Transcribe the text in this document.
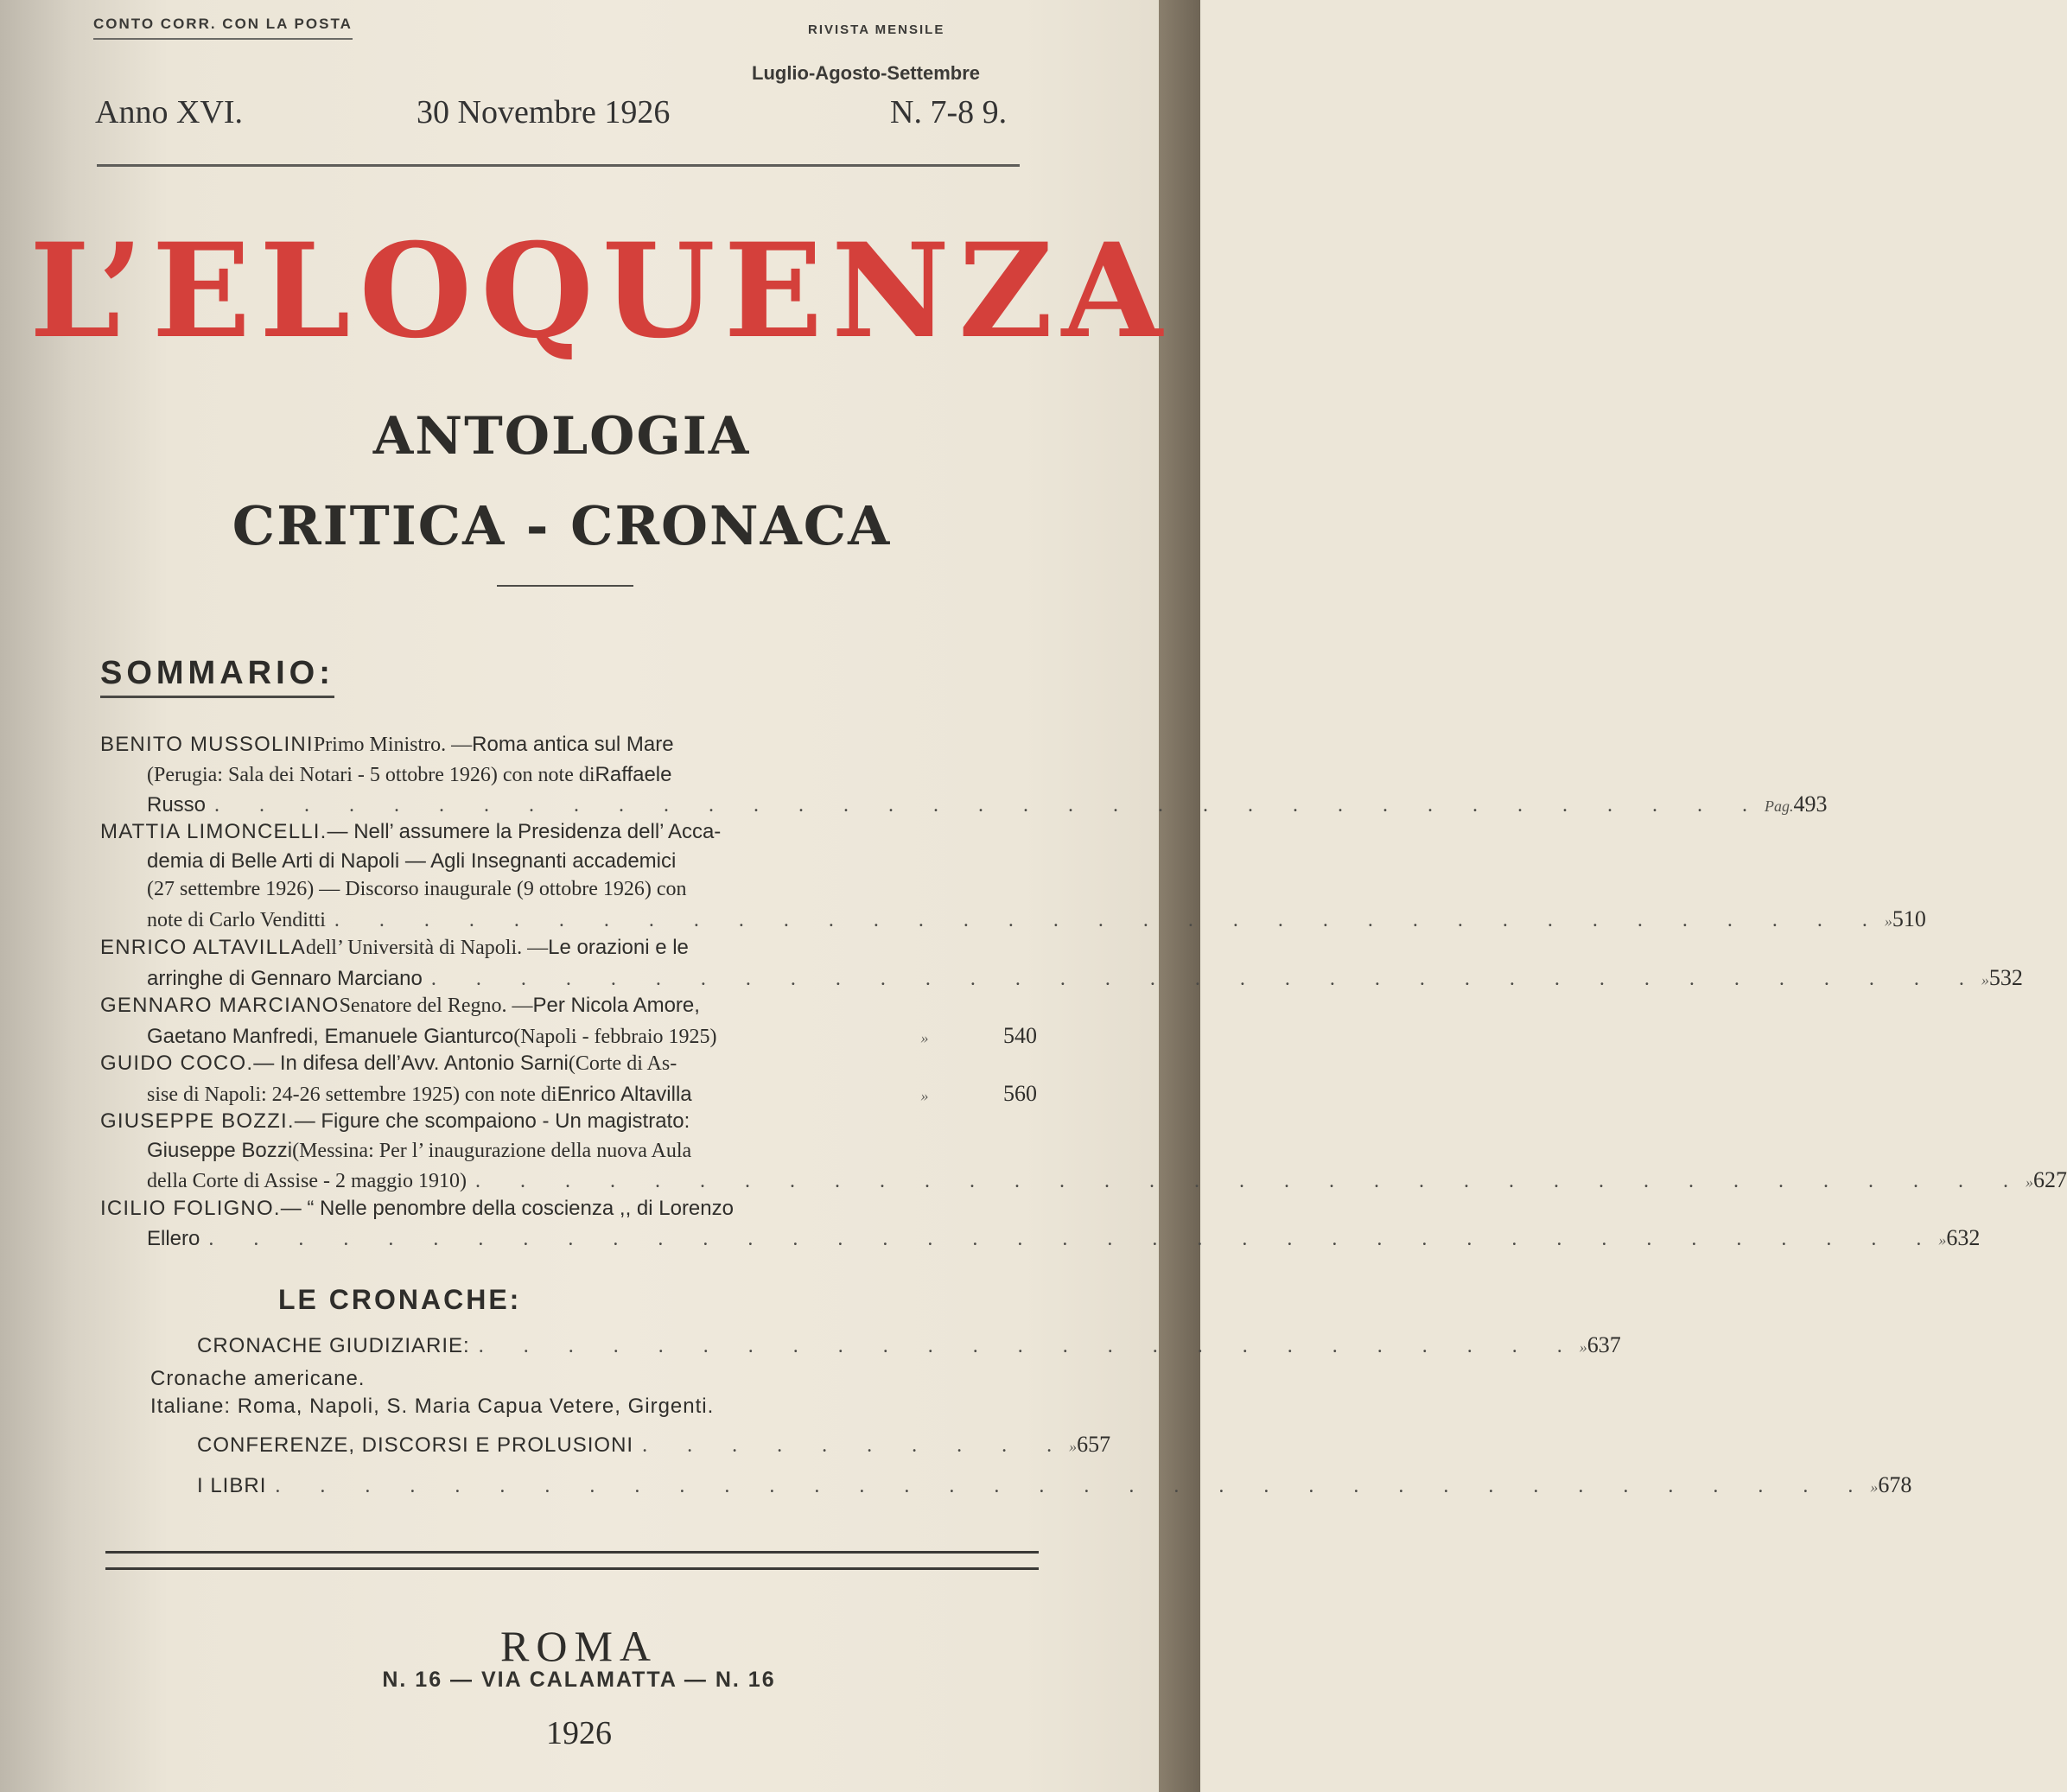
CONTO CORR. CON LA POSTA	RIVISTA MENSILE
Luglio-Agosto-Settembre
Anno XVI.	30 Novembre 1926	N. 7-8 9.
L’ELOQUENZA
ANTOLOGIA
CRITICA - CRONACA
SOMMARIO:
BENITO MUSSOLINI Primo Ministro. — Roma antica sul Mare
(Perugia: Sala dei Notari - 5 ottobre 1926) con note di Raffaele
Russo . . . . . . . . . . . . . . . . . . . . . . . . . . . . . . . . . . . Pag. 493
MATTIA LIMONCELLI. — Nell’ assumere la Presidenza dell’ Acca-
demia di Belle Arti di Napoli — Agli Insegnanti accademici
(27 settembre 1926) — Discorso inaugurale (9 ottobre 1926) con
note di Carlo Venditti . . . . . . . . . . . . . . . . . . . . . . . . . . . . . . . . . . . » 510
ENRICO ALTAVILLA dell’ Università di Napoli. — Le orazioni e le
arringhe di Gennaro Marciano . . . . . . . . . . . . . . . . . . . . . . . . . . . . . . . . . . . » 532
GENNARO MARCIANO Senatore del Regno. — Per Nicola Amore,
Gaetano Manfredi, Emanuele Gianturco (Napoli - febbraio 1925)	»	540
GUIDO COCO. — In difesa dell’Avv. Antonio Sarni (Corte di As-
sise di Napoli: 24-26 settembre 1925) con note di Enrico Altavilla	»	560
GIUSEPPE BOZZI. — Figure che scompaiono - Un magistrato:
Giuseppe Bozzi (Messina: Per l’ inaugurazione della nuova Aula
della Corte di Assise - 2 maggio 1910) . . . . . . . . . . . . . . . . . . . . . . . . . . . . . . . . . . . » 627
ICILIO FOLIGNO. — “ Nelle penombre della coscienza ,, di Lorenzo
Ellero . . . . . . . . . . . . . . . . . . . . . . . . . . . . . . . . . . . . . . . » 632
LE CRONACHE:
CRONACHE GIUDIZIARIE: . . . . . . . . . . . . . . . . . . . . . . . . . » 637
Cronache americane.
Italiane: Roma, Napoli, S. Maria Capua Vetere, Girgenti.
CONFERENZE, DISCORSI E PROLUSIONI . . . . . . . . . . » 657
I LIBRI . . . . . . . . . . . . . . . . . . . . . . . . . . . . . . . . . . . . » 678
ROMA
N. 16 — VIA CALAMATTA — N. 16
1926
